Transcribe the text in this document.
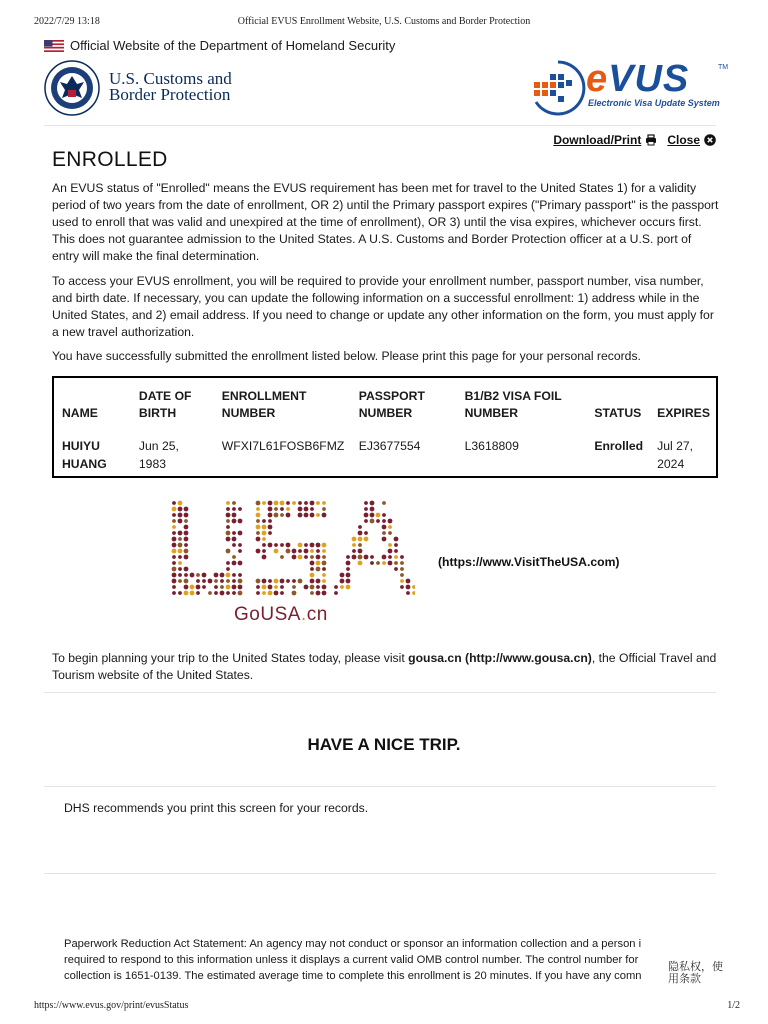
2022/7/29 13:18	Official EVUS Enrollment Website, U.S. Customs and Border Protection
Official Website of the Department of Homeland Security
U.S. Customs and
Border Protection	eVUS	TM
Electronic Visa Update System
Download/Print Close
ENROLLED

An EVUS status of "Enrolled" means the EVUS requirement has been met for travel to the United States 1) for a validity period of two years from the date of enrollment, OR 2) until the Primary passport expires ("Primary passport" is the passport used to enroll that was valid and unexpired at the time of enrollment), OR 3) until the visa expires, whichever occurs first. This does not guarantee admission to the United States. A U.S. Customs and Border Protection officer at a U.S. port of entry will make the final determination.

To access your EVUS enrollment, you will be required to provide your enrollment number, passport number, visa number, and birth date. If necessary, you can update the following information on a successful enrollment: 1) address while in the United States, and 2) email address. If you need to change or update any other information on the form, you must apply for a new travel authorization.

You have successfully submitted the enrollment listed below. Please print this page for your personal records.

NAME	DATE OF BIRTH	ENROLLMENT NUMBER	PASSPORT NUMBER	B1/B2 VISA FOIL NUMBER	STATUS	EXPIRES
HUIYU HUANG	Jun 25, 1983	WFXI7L61FOSB6FMZ	EJ3677554	L3618809	Enrolled	Jul 27, 2024
GoUSA.cn
(https://www.VisitTheUSA.com)

To begin planning your trip to the United States today, please visit gousa.cn (http://www.gousa.cn), the Official Travel and Tourism website of the United States.

HAVE A NICE TRIP.
DHS recommends you print this screen for your records.
Paperwork Reduction Act Statement: An agency may not conduct or sponsor an information collection and a person i
required to respond to this information unless it displays a current valid OMB control number. The control number for
collection is 1651-0139. The estimated average time to complete this enrollment is 20 minutes. If you have any comn
隐私权，使
用条款
https://www.evus.gov/print/evusStatus	1/2
